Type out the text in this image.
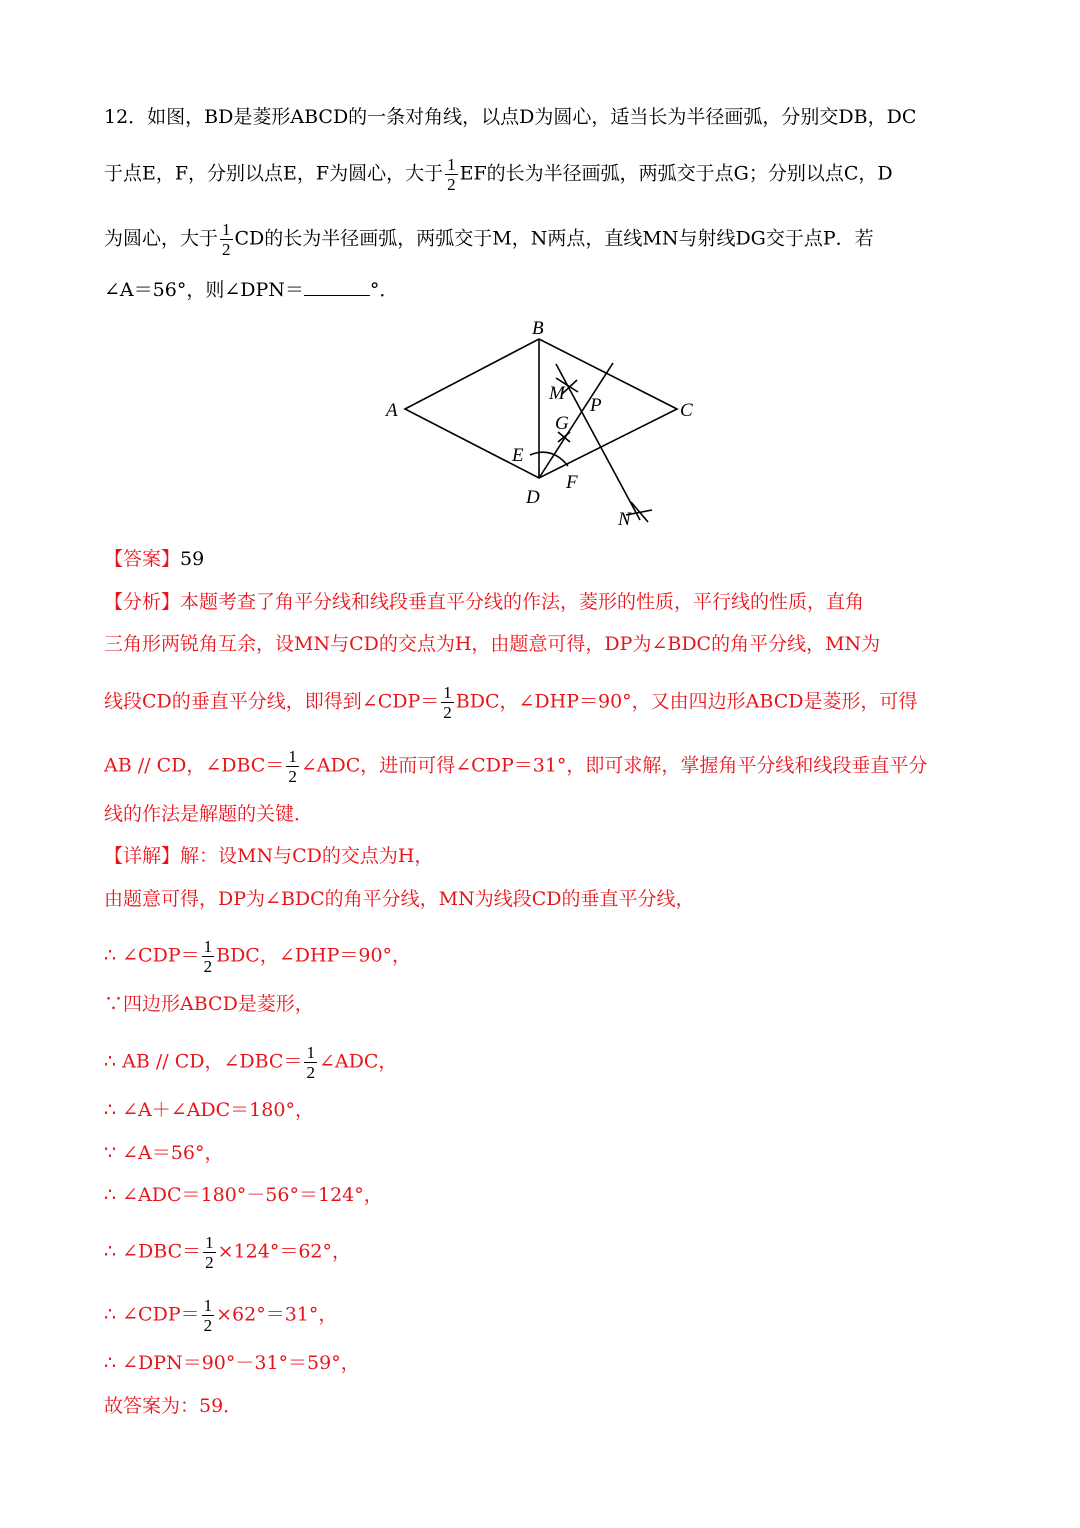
12．如图，BD是菱形ABCD的一条对角线，以点D为圆心，适当长为半径画弧，分别交DB，DC
于点E，F，分别以点E，F为圆心，大于 $\frac{1}{2}$ EF的长为半径画弧，两弧交于点G；分别以点C，D
为圆心，大于 $\frac{1}{2}$ CD的长为半径画弧，两弧交于M，N两点，直线MN与射线DG交于点P．若
∠A＝56°，则∠DPN＝	°．
B
A	C
D
E
F
G
M
P
N
【答案】59
【分析】本题考查了角平分线和线段垂直平分线的作法，菱形的性质，平行线的性质，直角
三角形两锐角互余，设MN与CD的交点为H，由题意可得，DP为∠BDC的角平分线，MN为
线段CD的垂直平分线，即得到∠CDP＝ $\frac{1}{2}$ BDC，∠DHP＝90°，又由四边形ABCD是菱形，可得
AB // CD，∠DBC＝ $\frac{1}{2}$ ∠ADC，进而可得∠CDP＝31°，即可求解，掌握角平分线和线段垂直平分
线的作法是解题的关键．
【详解】解：设MN与CD的交点为H，
由题意可得，DP为∠BDC的角平分线，MN为线段CD的垂直平分线，
∴ ∠CDP＝ $\frac{1}{2}$ BDC，∠DHP＝90°，
∵四边形ABCD是菱形，
∴ AB // CD，∠DBC＝ $\frac{1}{2}$ ∠ADC，
∴ ∠A＋∠ADC＝180°，
∵ ∠A＝56°，
∴ ∠ADC＝180°－56°＝124°，
∴ ∠DBC＝ $\frac{1}{2} \times 124^\circ=62^\circ$，
∴ ∠CDP＝ $\frac{1}{2} \times 62^\circ=31^\circ$，
∴ ∠DPN＝90°－31°＝59°，
故答案为：59．
